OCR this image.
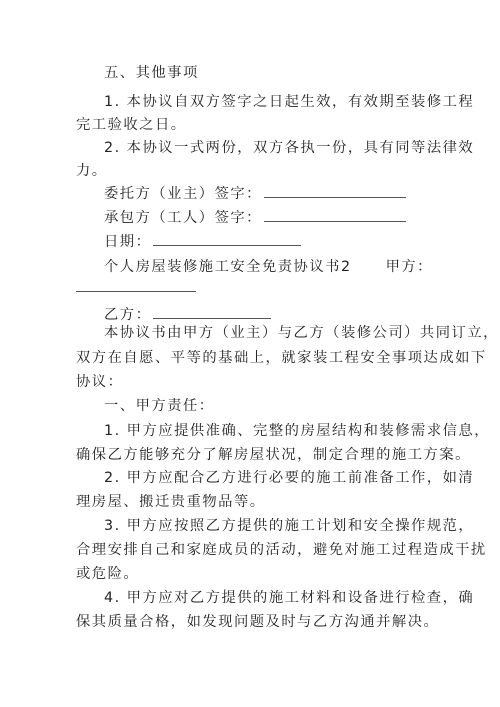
五、其他事项
1. 本协议自双方签字之日起生效，有效期至装修工程
完工验收之日。
2. 本协议一式两份，双方各执一份，具有同等法律效
力。
委托方（业主）签字：
承包方（工人）签字：
日期：
个人房屋装修施工安全免责协议书2 甲方：
乙方：
本协议书由甲方（业主）与乙方（装修公司）共同订立，
双方在自愿、平等的基础上，就家装工程安全事项达成如下
协议：
一、甲方责任：
1. 甲方应提供准确、完整的房屋结构和装修需求信息，
确保乙方能够充分了解房屋状况，制定合理的施工方案。
2. 甲方应配合乙方进行必要的施工前准备工作，如清
理房屋、搬迁贵重物品等。
3. 甲方应按照乙方提供的施工计划和安全操作规范，
合理安排自己和家庭成员的活动，避免对施工过程造成干扰
或危险。
4. 甲方应对乙方提供的施工材料和设备进行检查，确
保其质量合格，如发现问题及时与乙方沟通并解决。
